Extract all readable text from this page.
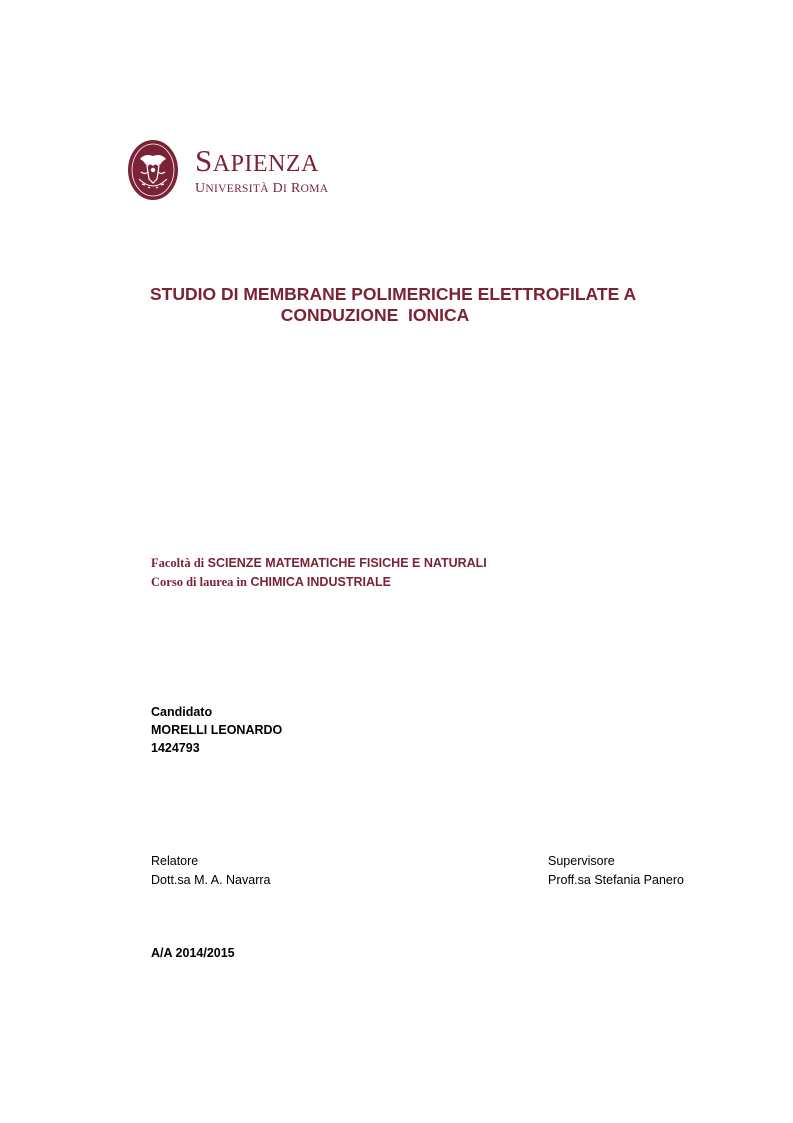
SAPIENZA
UNIVERSITÀ DI ROMA
STUDIO DI MEMBRANE POLIMERICHE ELETTROFILATE A
CONDUZIONE  IONICA
Facoltà di SCIENZE MATEMATICHE FISICHE E NATURALI
Corso di laurea in CHIMICA INDUSTRIALE
Candidato
MORELLI LEONARDO
1424793
Relatore
Dott.sa M. A. Navarra
Supervisore
Proff.sa Stefania Panero
A/A 2014/2015
